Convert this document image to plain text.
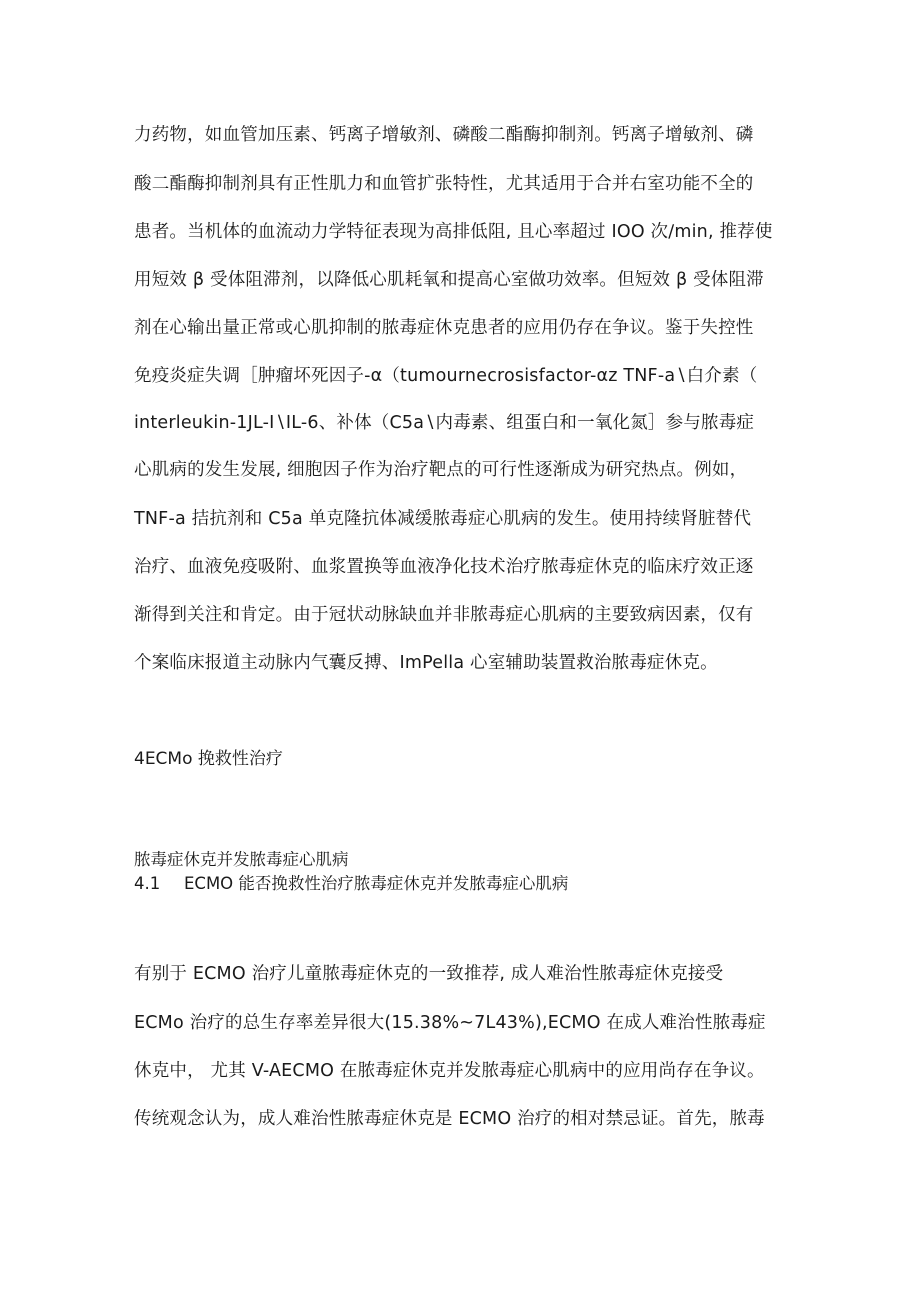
力药物，如血管加压素、钙离子增敏剂、磷酸二酯酶抑制剂。钙离子增敏剂、磷
酸二酯酶抑制剂具有正性肌力和血管扩张特性，尤其适用于合并右室功能不全的
患者。当机体的血流动力学特征表现为高排低阻, 且心率超过 IOO 次∕min, 推荐使
用短效 β 受体阻滞剂，以降低心肌耗氧和提高心室做功效率。但短效 β 受体阻滞
剂在心输出量正常或心肌抑制的脓毒症休克患者的应用仍存在争议。鉴于失控性
免疫炎症失调［肿瘤坏死因子-α（tumournecrosisfactor-αz TNF-a∖白介素（
interleukin-1JL-I∖IL-6、补体（C5a∖内毒素、组蛋白和一氧化氮］参与脓毒症
心肌病的发生发展, 细胞因子作为治疗靶点的可行性逐渐成为研究热点。例如，
TNF-a 拮抗剂和 C5a 单克隆抗体减缓脓毒症心肌病的发生。使用持续肾脏替代
治疗、血液免疫吸附、血浆置换等血液净化技术治疗脓毒症休克的临床疗效正逐
渐得到关注和肯定。由于冠状动脉缺血并非脓毒症心肌病的主要致病因素，仅有
个案临床报道主动脉内气囊反搏、ImPella 心室辅助装置救治脓毒症休克。
4ECMo 挽救性治疗
脓毒症休克并发脓毒症心肌病
4.1 ECMO 能否挽救性治疗脓毒症休克并发脓毒症心肌病
有别于 ECMO 治疗儿童脓毒症休克的一致推荐, 成人难治性脓毒症休克接受
ECMo 治疗的总生存率差异很大(15.38%~7L43%),ECMO 在成人难治性脓毒症
休克中， 尤其 V-AECMO 在脓毒症休克并发脓毒症心肌病中的应用尚存在争议。
传统观念认为，成人难治性脓毒症休克是 ECMO 治疗的相对禁忌证。首先，脓毒
